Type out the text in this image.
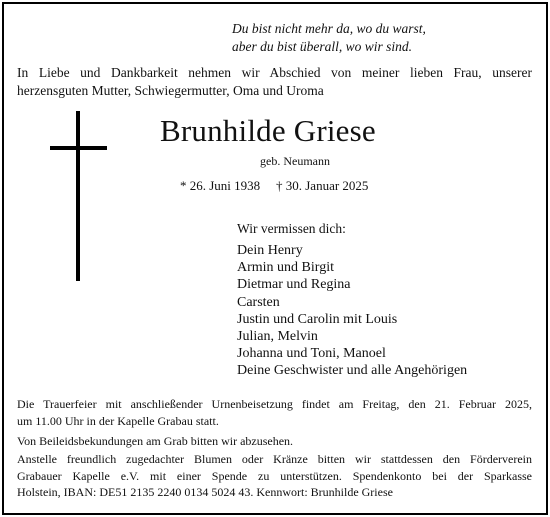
Du bist nicht mehr da, wo du warst,
aber du bist überall, wo wir sind.
In Liebe und Dankbarkeit nehmen wir Abschied von meiner lieben Frau, unserer
herzensguten Mutter, Schwiegermutter, Oma und Uroma
Brunhilde Griese
geb. Neumann
* 26. Juni 1938 † 30. Januar 2025
Wir vermissen dich:
Dein Henry
Armin und Birgit
Dietmar und Regina
Carsten
Justin und Carolin mit Louis
Julian, Melvin
Johanna und Toni, Manoel
Deine Geschwister und alle Angehörigen
Die Trauerfeier mit anschließender Urnenbeisetzung findet am Freitag, den 21. Februar 2025,
um 11.00 Uhr in der Kapelle Grabau statt.
Von Beileidsbekundungen am Grab bitten wir abzusehen.
Anstelle freundlich zugedachter Blumen oder Kränze bitten wir stattdessen den Förderverein
Grabauer Kapelle e.V. mit einer Spende zu unterstützen. Spendenkonto bei der Sparkasse
Holstein, IBAN: DE51 2135 2240 0134 5024 43. Kennwort: Brunhilde Griese
